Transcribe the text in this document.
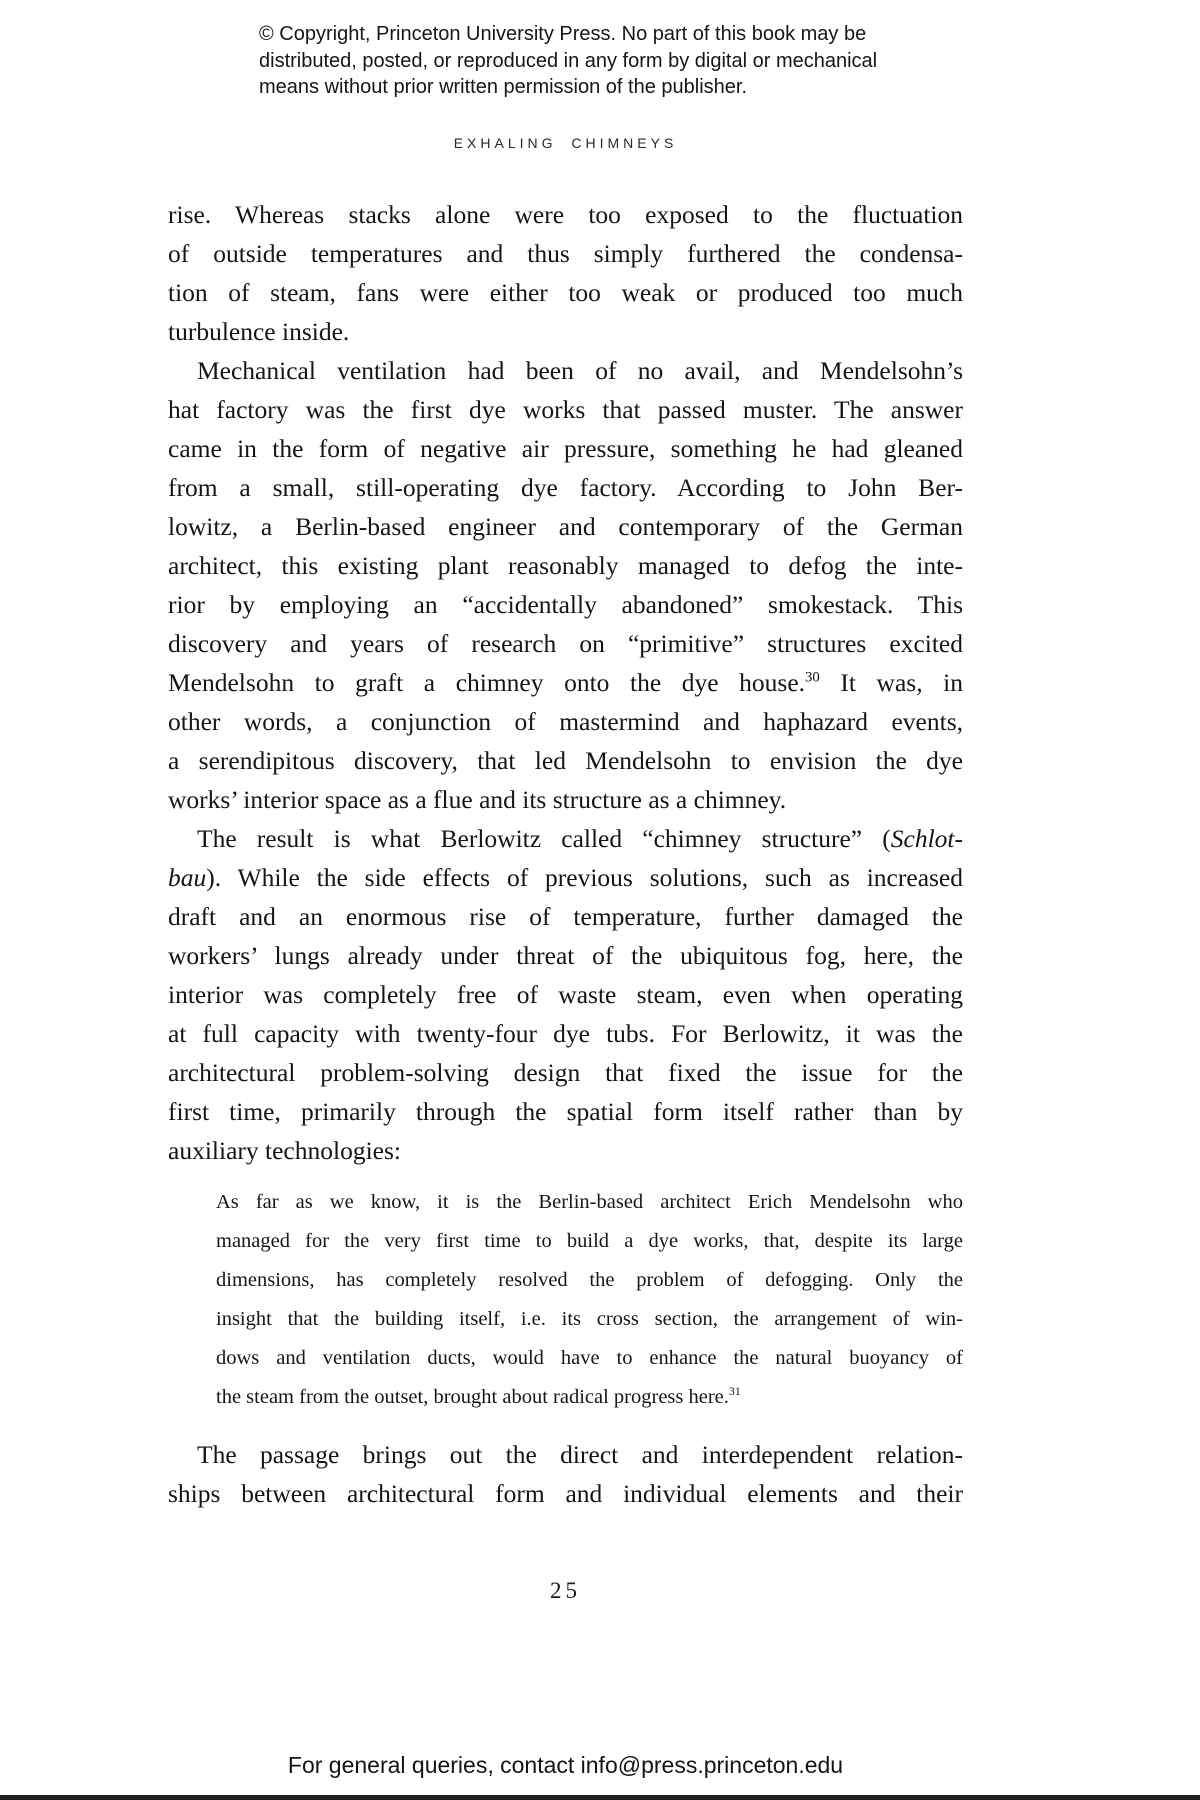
© Copyright, Princeton University Press. No part of this book may be
distributed, posted, or reproduced in any form by digital or mechanical
means without prior written permission of the publisher.
EXHALING CHIMNEYS
rise. Whereas stacks alone were too exposed to the fluctuation
of outside temperatures and thus simply furthered the condensa-
tion of steam, fans were either too weak or produced too much
turbulence inside.
Mechanical ventilation had been of no avail, and Mendelsohn’s
hat factory was the first dye works that passed muster. The answer
came in the form of negative air pressure, something he had gleaned
from a small, still-operating dye factory. According to John Ber-
lowitz, a Berlin-based engineer and contemporary of the German
architect, this existing plant reasonably managed to defog the inte-
rior by employing an “accidentally abandoned” smokestack. This
discovery and years of research on “primitive” structures excited
Mendelsohn to graft a chimney onto the dye house.$^{30}$ It was, in
other words, a conjunction of mastermind and haphazard events,
a serendipitous discovery, that led Mendelsohn to envision the dye
works’ interior space as a flue and its structure as a chimney.
The result is what Berlowitz called “chimney structure” (Schlot-
bau). While the side effects of previous solutions, such as increased
draft and an enormous rise of temperature, further damaged the
workers’ lungs already under threat of the ubiquitous fog, here, the
interior was completely free of waste steam, even when operating
at full capacity with twenty-four dye tubs. For Berlowitz, it was the
architectural problem-solving design that fixed the issue for the
first time, primarily through the spatial form itself rather than by
auxiliary technologies:
As far as we know, it is the Berlin-based architect Erich Mendelsohn who
managed for the very first time to build a dye works, that, despite its large
dimensions, has completely resolved the problem of defogging. Only the
insight that the building itself, i.e. its cross section, the arrangement of win-
dows and ventilation ducts, would have to enhance the natural buoyancy of
the steam from the outset, brought about radical progress here.$^{31}$
The passage brings out the direct and interdependent relation-
ships between architectural form and individual elements and their
25
For general queries, contact info@press.princeton.edu
